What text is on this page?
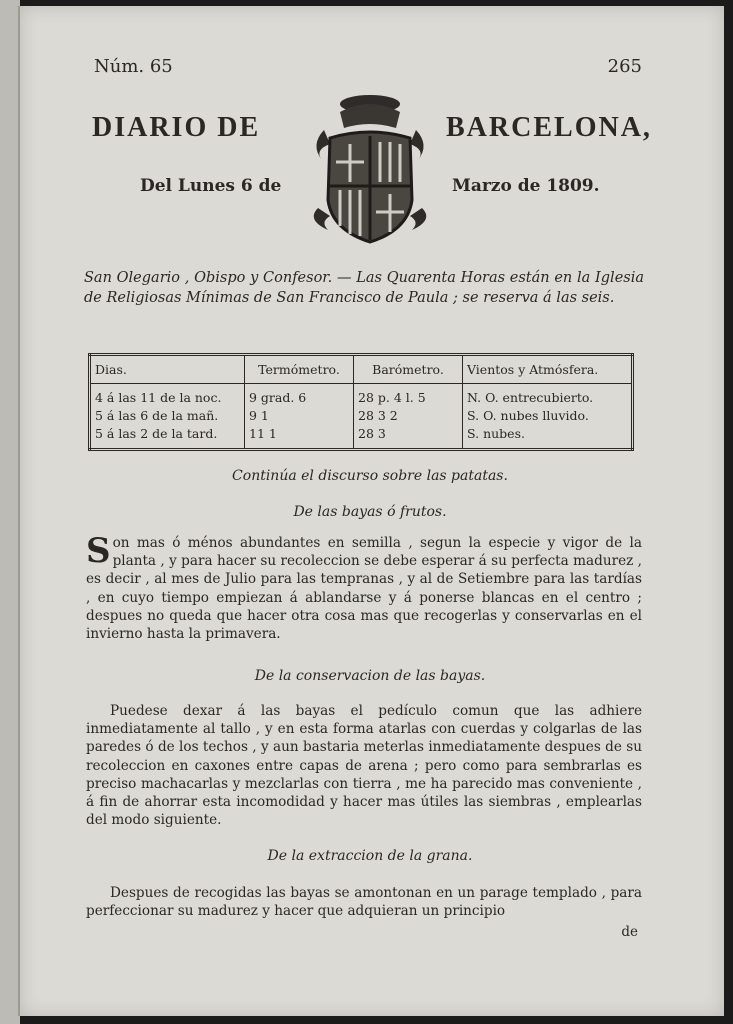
Núm. 65	265
DIARIO DE	BARCELONA,
Del Lunes 6 de	Marzo de 1809.
San Olegario , Obispo y Confesor. — Las Quarenta Horas están en la Iglesia de Religiosas Mínimas de San Francisco de Paula ; se reserva á las seis.
Dias.	Termómetro.	Barómetro.	Vientos y Atmósfera.
4 á las 11 de la noc.	9 grad. 6	28 p. 4 l. 5	N. O. entrecubierto.
5 á las 6 de la mañ.	9 1	28 3 2	S. O. nubes lluvido.
5 á las 2 de la tard.	11 1	28 3	S. nubes.
Continúa el discurso sobre las patatas.
De las bayas ó frutos.
Son mas ó ménos abundantes en semilla , segun la especie y vigor de la planta , y para hacer su recoleccion se debe esperar á su perfecta madurez , es decir , al mes de Julio para las tempranas , y al de Setiembre para las tardías , en cuyo tiempo empiezan á ablandarse y á ponerse blancas en el centro ; despues no queda que hacer otra cosa mas que recogerlas y conservarlas en el invierno hasta la primavera.
De la conservacion de las bayas.
Puedese dexar á las bayas el pedículo comun que las adhiere inmediatamente al tallo , y en esta forma atarlas con cuerdas y colgarlas de las paredes ó de los techos , y aun bastaria meterlas inmediatamente despues de su recoleccion en caxones entre capas de arena ; pero como para sembrarlas es preciso machacarlas y mezclarlas con tierra , me ha parecido mas conveniente , á fin de ahorrar esta incomodidad y hacer mas útiles las siembras , emplearlas del modo siguiente.
De la extraccion de la grana.
Despues de recogidas las bayas se amontonan en un parage templado , para perfeccionar su madurez y hacer que adquieran un principio
de
